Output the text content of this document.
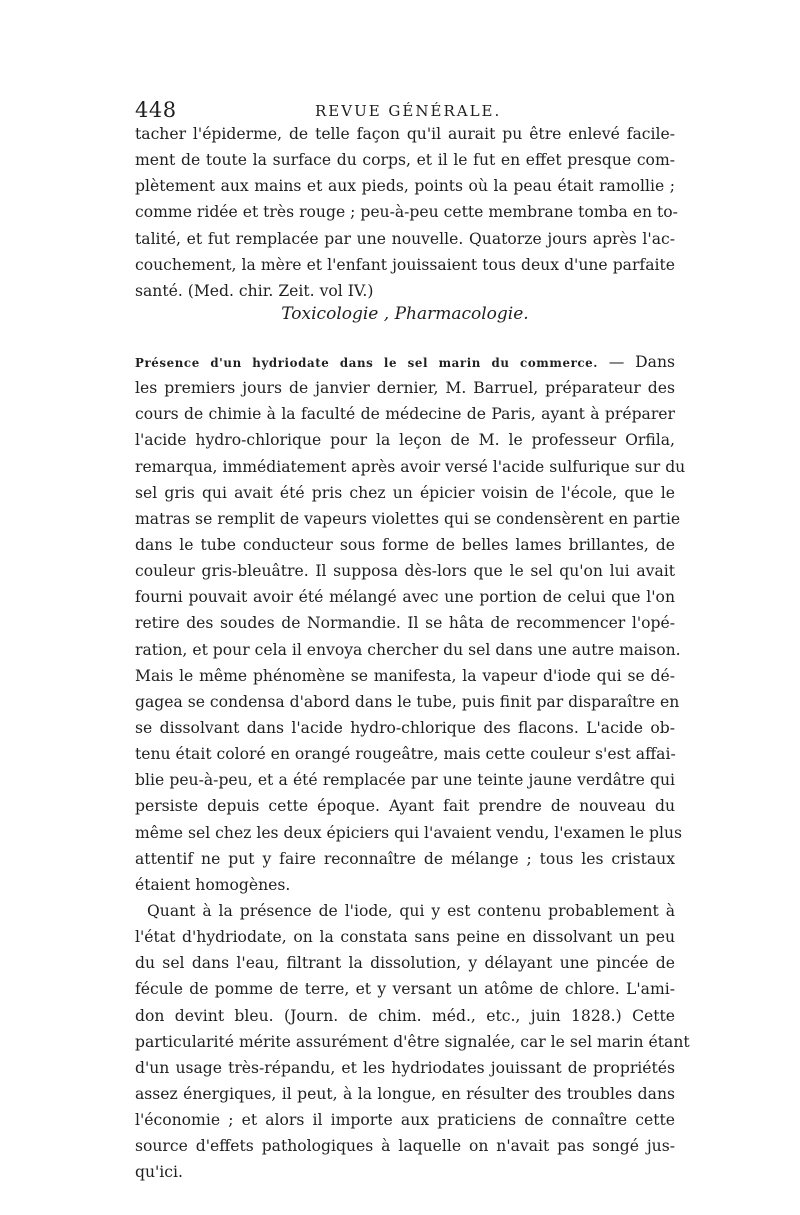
448	REVUE GÉNÉRALE.
tacher l'épiderme, de telle façon qu'il aurait pu être enlevé facile-
ment de toute la surface du corps, et il le fut en effet presque com-
plètement aux mains et aux pieds, points où la peau était ramollie ;
comme ridée et très rouge ; peu-à-peu cette membrane tomba en to-
talité, et fut remplacée par une nouvelle. Quatorze jours après l'ac-
couchement, la mère et l'enfant jouissaient tous deux d'une parfaite
santé. (Med. chir. Zeit. vol IV.)
Toxicologie , Pharmacologie.
Présence d'un hydriodate dans le sel marin du commerce. — Dans
les premiers jours de janvier dernier, M. Barruel, préparateur des
cours de chimie à la faculté de médecine de Paris, ayant à préparer
l'acide hydro-chlorique pour la leçon de M. le professeur Orfila,
remarqua, immédiatement après avoir versé l'acide sulfurique sur du
sel gris qui avait été pris chez un épicier voisin de l'école, que le
matras se remplit de vapeurs violettes qui se condensèrent en partie
dans le tube conducteur sous forme de belles lames brillantes, de
couleur gris-bleuâtre. Il supposa dès-lors que le sel qu'on lui avait
fourni pouvait avoir été mélangé avec une portion de celui que l'on
retire des soudes de Normandie. Il se hâta de recommencer l'opé-
ration, et pour cela il envoya chercher du sel dans une autre maison.
Mais le même phénomène se manifesta, la vapeur d'iode qui se dé-
gagea se condensa d'abord dans le tube, puis finit par disparaître en
se dissolvant dans l'acide hydro-chlorique des flacons. L'acide ob-
tenu était coloré en orangé rougeâtre, mais cette couleur s'est affai-
blie peu-à-peu, et a été remplacée par une teinte jaune verdâtre qui
persiste depuis cette époque. Ayant fait prendre de nouveau du
même sel chez les deux épiciers qui l'avaient vendu, l'examen le plus
attentif ne put y faire reconnaître de mélange ; tous les cristaux
étaient homogènes.
Quant à la présence de l'iode, qui y est contenu probablement à
l'état d'hydriodate, on la constata sans peine en dissolvant un peu
du sel dans l'eau, filtrant la dissolution, y délayant une pincée de
fécule de pomme de terre, et y versant un atôme de chlore. L'ami-
don devint bleu. (Journ. de chim. méd., etc., juin 1828.) Cette
particularité mérite assurément d'être signalée, car le sel marin étant
d'un usage très-répandu, et les hydriodates jouissant de propriétés
assez énergiques, il peut, à la longue, en résulter des troubles dans
l'économie ; et alors il importe aux praticiens de connaître cette
source d'effets pathologiques à laquelle on n'avait pas songé jus-
qu'ici.
